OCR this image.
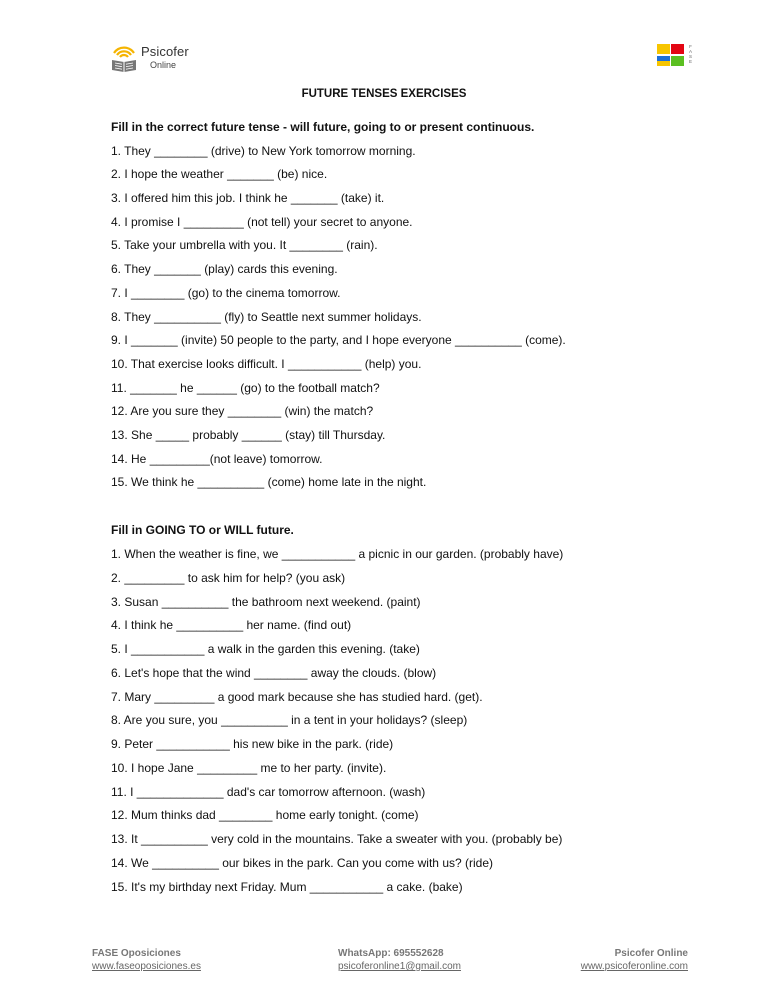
Psicofer
Online
F
A
S
E
FUTURE TENSES EXERCISES
Fill in the correct future tense - will future, going to or present continuous.
1. They ________ (drive) to New York tomorrow morning.
2. I hope the weather _______ (be) nice.
3. I offered him this job. I think he _______ (take) it.
4. I promise I _________ (not tell) your secret to anyone.
5. Take your umbrella with you. It ________ (rain).
6. They _______ (play) cards this evening.
7. I ________ (go) to the cinema tomorrow.
8. They __________ (fly) to Seattle next summer holidays.
9. I _______ (invite) 50 people to the party, and I hope everyone __________ (come).
10. That exercise looks difficult. I ___________ (help) you.
11. _______ he ______ (go) to the football match?
12. Are you sure they ________ (win) the match?
13. She _____ probably ______ (stay) till Thursday.
14. He _________(not leave) tomorrow.
15. We think he __________ (come) home late in the night.
Fill in GOING TO or WILL future.
1. When the weather is fine, we ___________ a picnic in our garden. (probably have)
2. _________ to ask him for help? (you ask)
3. Susan __________ the bathroom next weekend. (paint)
4. I think he __________ her name. (find out)
5. I ___________ a walk in the garden this evening. (take)
6. Let's hope that the wind ________ away the clouds. (blow)
7. Mary _________ a good mark because she has studied hard. (get).
8. Are you sure, you __________ in a tent in your holidays? (sleep)
9. Peter ___________ his new bike in the park. (ride)
10. I hope Jane _________ me to her party. (invite).
11. I _____________ dad's car tomorrow afternoon. (wash)
12. Mum thinks dad ________ home early tonight. (come)
13. It __________ very cold in the mountains. Take a sweater with you. (probably be)
14. We __________ our bikes in the park. Can you come with us? (ride)
15. It's my birthday next Friday. Mum ___________ a cake. (bake)
FASE Oposiciones
www.faseoposiciones.es
WhatsApp: 695552628
psicoferonline1@gmail.com
Psicofer Online
www.psicoferonline.com
